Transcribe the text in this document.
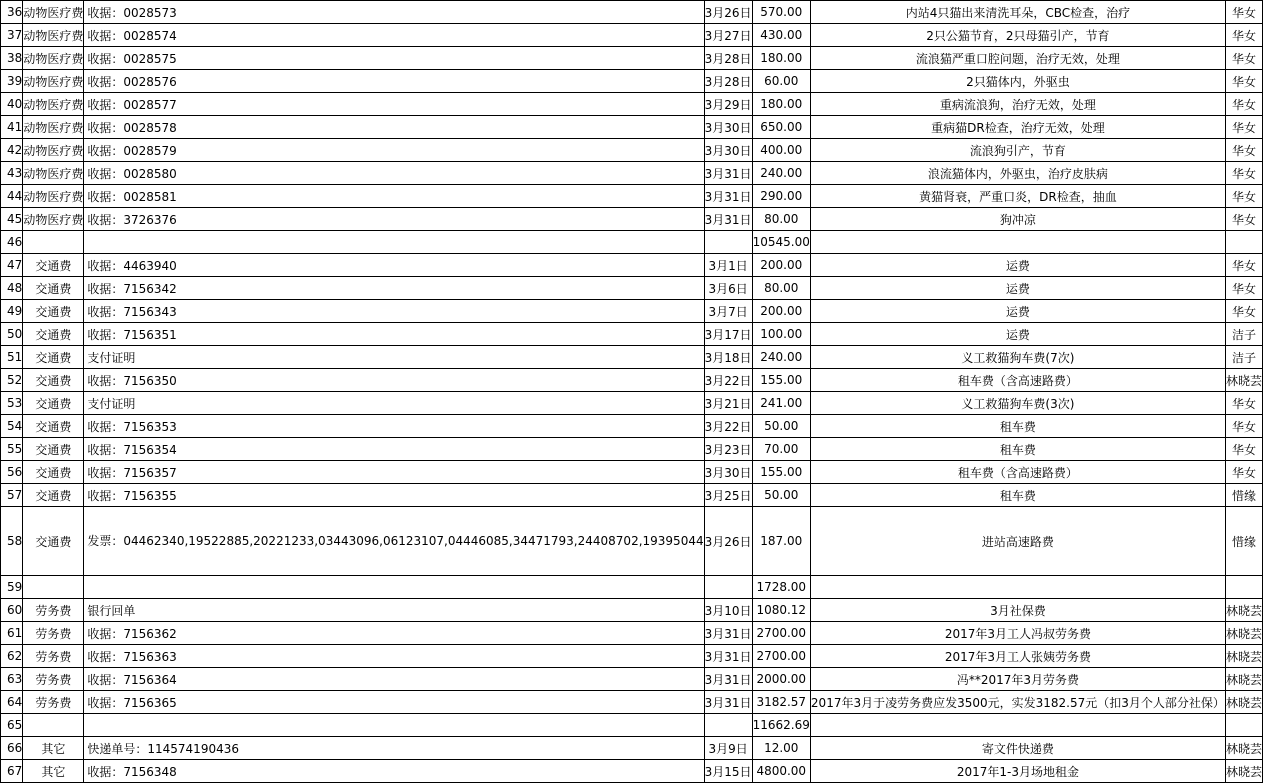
36	动物医疗费	收据：0028573	3月26日	570.00	内站4只猫出来清洗耳朵，CBC检查，治疗	华女
37	动物医疗费	收据：0028574	3月27日	430.00	2只公猫节育，2只母猫引产，节育	华女
38	动物医疗费	收据：0028575	3月28日	180.00	流浪猫严重口腔问题，治疗无效，处理	华女
39	动物医疗费	收据：0028576	3月28日	60.00	2只猫体内，外驱虫	华女
40	动物医疗费	收据：0028577	3月29日	180.00	重病流浪狗，治疗无效，处理	华女
41	动物医疗费	收据：0028578	3月30日	650.00	重病猫DR检查，治疗无效，处理	华女
42	动物医疗费	收据：0028579	3月30日	400.00	流浪狗引产，节育	华女
43	动物医疗费	收据：0028580	3月31日	240.00	浪流猫体内，外驱虫，治疗皮肤病	华女
44	动物医疗费	收据：0028581	3月31日	290.00	黄猫肾衰，严重口炎，DR检查，抽血	华女
45	动物医疗费	收据：3726376	3月31日	80.00	狗冲凉	华女
46				10545.00		
47	交通费	收据：4463940	3月1日	200.00	运费	华女
48	交通费	收据：7156342	3月6日	80.00	运费	华女
49	交通费	收据：7156343	3月7日	200.00	运费	华女
50	交通费	收据：7156351	3月17日	100.00	运费	洁子
51	交通费	支付证明	3月18日	240.00	义工救猫狗车费(7次)	洁子
52	交通费	收据：7156350	3月22日	155.00	租车费（含高速路费）	林晓芸
53	交通费	支付证明	3月21日	241.00	义工救猫狗车费(3次)	华女
54	交通费	收据：7156353	3月22日	50.00	租车费	华女
55	交通费	收据：7156354	3月23日	70.00	租车费	华女
56	交通费	收据：7156357	3月30日	155.00	租车费（含高速路费）	华女
57	交通费	收据：7156355	3月25日	50.00	租车费	惜缘
58	交通费	发票：04462340,19522885,20221233,03443096,06123107,04446085,34471793,24408702,19395044	3月26日	187.00	进站高速路费	惜缘
59				1728.00		
60	劳务费	银行回单	3月10日	1080.12	3月社保费	林晓芸
61	劳务费	收据：7156362	3月31日	2700.00	2017年3月工人冯叔劳务费	林晓芸
62	劳务费	收据：7156363	3月31日	2700.00	2017年3月工人张姨劳务费	林晓芸
63	劳务费	收据：7156364	3月31日	2000.00	冯**2017年3月劳务费	林晓芸
64	劳务费	收据：7156365	3月31日	3182.57	2017年3月于凌劳务费应发3500元，实发3182.57元（扣3月个人部分社保）	林晓芸
65				11662.69		
66	其它	快递单号：114574190436	3月9日	12.00	寄文件快递费	林晓芸
67	其它	收据：7156348	3月15日	4800.00	2017年1-3月场地租金	林晓芸
